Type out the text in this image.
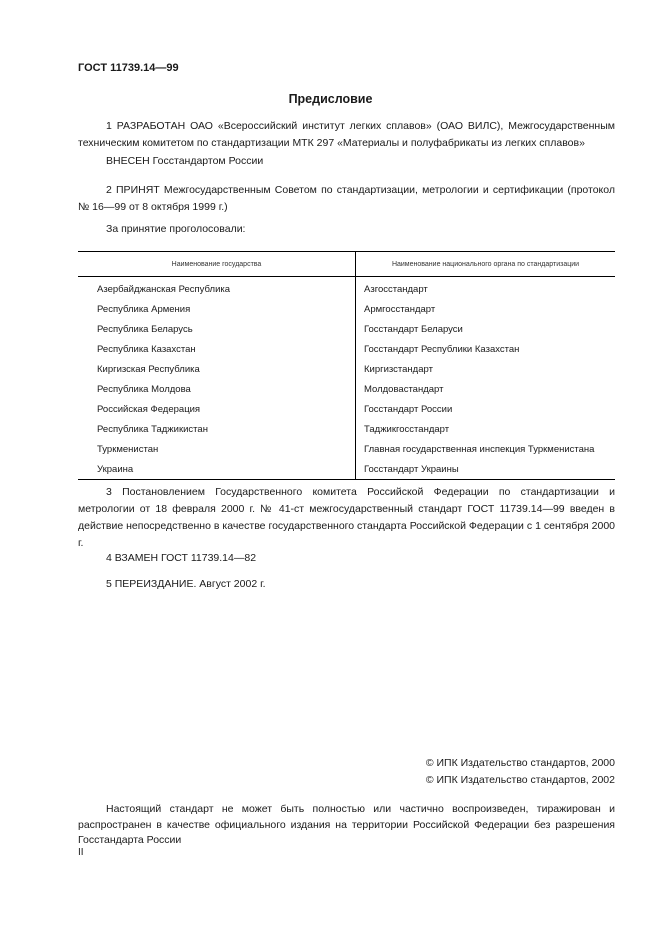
ГОСТ 11739.14—99
Предисловие
1 РАЗРАБОТАН ОАО «Всероссийский институт легких сплавов» (ОАО ВИЛС), Межгосударственным техническим комитетом по стандартизации МТК 297 «Материалы и полуфабрикаты из легких сплавов»
ВНЕСЕН Госстандартом России
2 ПРИНЯТ Межгосударственным Советом по стандартизации, метрологии и сертификации (протокол № 16—99 от 8 октября 1999 г.)
За принятие проголосовали:
Наименование государства	Наименование национального органа по стандартизации
Азербайджанская Республика	Азгосстандарт
Республика Армения	Армгосстандарт
Республика Беларусь	Госстандарт Беларуси
Республика Казахстан	Госстандарт Республики Казахстан
Киргизская Республика	Киргизстандарт
Республика Молдова	Молдовастандарт
Российская Федерация	Госстандарт России
Республика Таджикистан	Таджикгосстандарт
Туркменистан	Главная государственная инспекция Туркменистана
Украина	Госстандарт Украины
3 Постановлением Государственного комитета Российской Федерации по стандартизации и метрологии от 18 февраля 2000 г. № 41-ст межгосударственный стандарт ГОСТ 11739.14—99 введен в действие непосредственно в качестве государственного стандарта Российской Федерации с 1 сентября 2000 г.
4 ВЗАМЕН ГОСТ 11739.14—82
5 ПЕРЕИЗДАНИЕ. Август 2002 г.
© ИПК Издательство стандартов, 2000
© ИПК Издательство стандартов, 2002
Настоящий стандарт не может быть полностью или частично воспроизведен, тиражирован и распространен в качестве официального издания на территории Российской Федерации без разрешения Госстандарта России
II
